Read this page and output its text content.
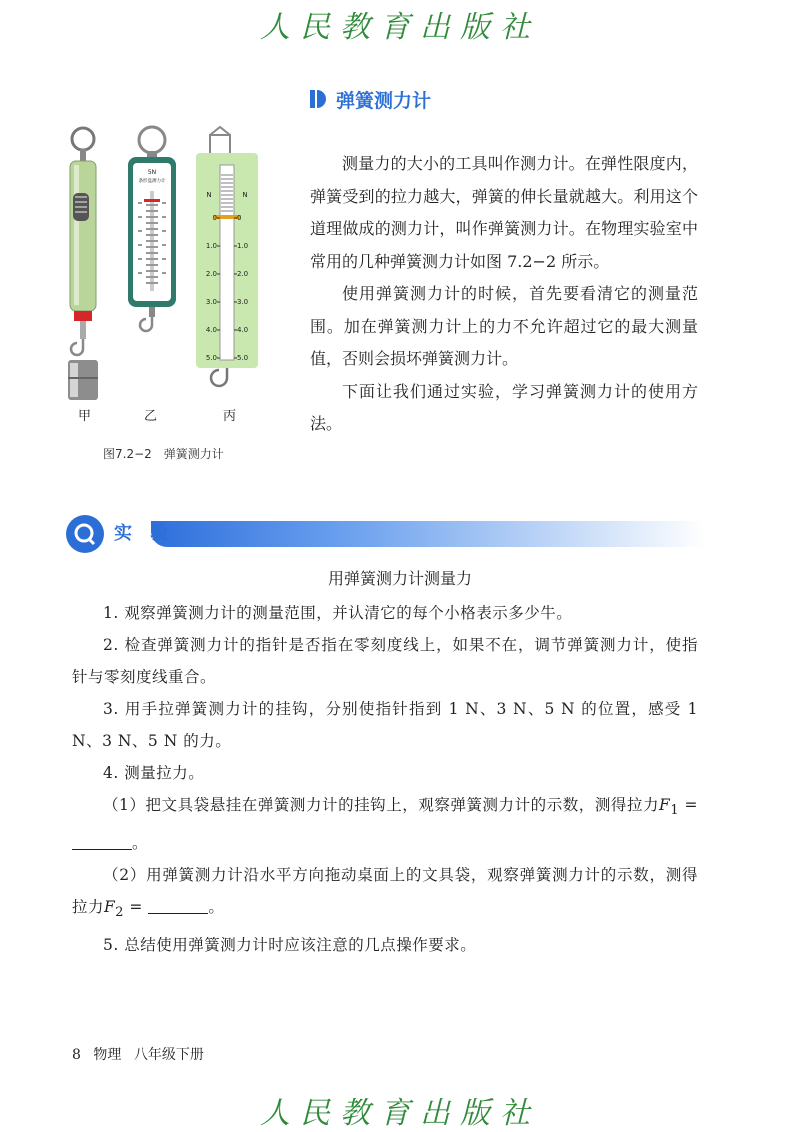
人民教育出版社
弹簧测力计
5N
条形盘测力计
N	N
0	0
1.0	1.0
2.0	2.0
3.0	3.0
4.0	4.0
5.0	5.0
甲	乙	丙
图7.2−2　弹簧测力计

测量力的大小的工具叫作测力计。在弹性限度内，弹簧受到的拉力越大，弹簧的伸长量就越大。利用这个道理做成的测力计，叫作弹簧测力计。在物理实验室中常用的几种弹簧测力计如图 7.2−2 所示。

使用弹簧测力计的时候，首先要看清它的测量范围。加在弹簧测力计上的力不允许超过它的最大测量值，否则会损坏弹簧测力计。

下面让我们通过实验，学习弹簧测力计的使用方法。

实 验
用弹簧测力计测量力

1. 观察弹簧测力计的测量范围，并认清它的每个小格表示多少牛。

2. 检查弹簧测力计的指针是否指在零刻度线上，如果不在，调节弹簧测力计，使指针与零刻度线重合。

3. 用手拉弹簧测力计的挂钩，分别使指针指到 1 N、3 N、5 N 的位置，感受 1 N、3 N、5 N 的力。

4. 测量拉力。

（1）把文具袋悬挂在弹簧测力计的挂钩上，观察弹簧测力计的示数，测得拉力$F_1$ = 。

（2）用弹簧测力计沿水平方向拖动桌面上的文具袋，观察弹簧测力计的示数，测得拉力$F_2$ =	。

5. 总结使用弹簧测力计时应该注意的几点操作要求。

8 物理 八年级下册
人民教育出版社
